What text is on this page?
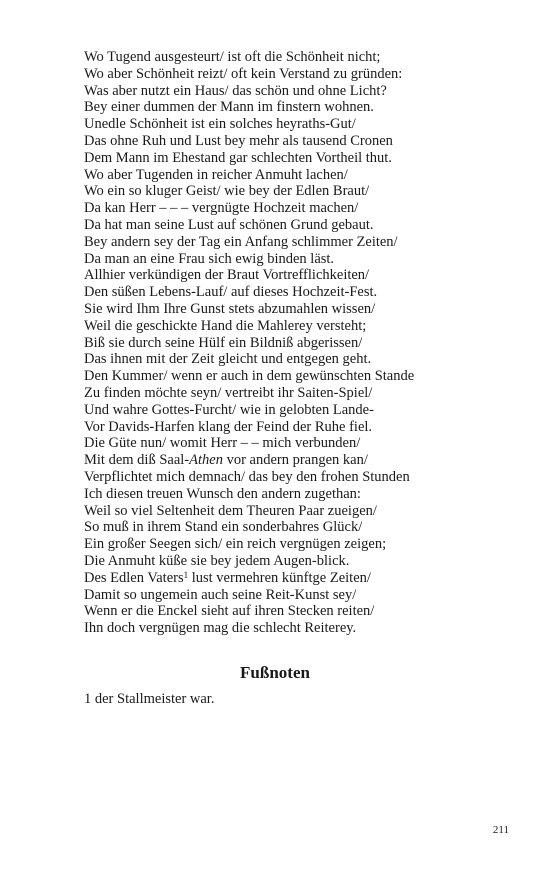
Wo Tugend ausgesteurt/ ist oft die Schönheit nicht;
Wo aber Schönheit reizt/ oft kein Verstand zu gründen:
Was aber nutzt ein Haus/ das schön und ohne Licht?
Bey einer dummen der Mann im finstern wohnen.
Unedle Schönheit ist ein solches heyraths-Gut/
Das ohne Ruh und Lust bey mehr als tausend Cronen
Dem Mann im Ehestand gar schlechten Vortheil thut.
Wo aber Tugenden in reicher Anmuht lachen/
Wo ein so kluger Geist/ wie bey der Edlen Braut/
Da kan Herr – – – vergnügte Hochzeit machen/
Da hat man seine Lust auf schönen Grund gebaut.
Bey andern sey der Tag ein Anfang schlimmer Zeiten/
Da man an eine Frau sich ewig binden läst.
Allhier verkündigen der Braut Vortrefflichkeiten/
Den süßen Lebens-Lauf/ auf dieses Hochzeit-Fest.
Sie wird Ihm Ihre Gunst stets abzumahlen wissen/
Weil die geschickte Hand die Mahlerey versteht;
Biß sie durch seine Hülf ein Bildniß abgerissen/
Das ihnen mit der Zeit gleicht und entgegen geht.
Den Kummer/ wenn er auch in dem gewünschten Stande
Zu finden möchte seyn/ vertreibt ihr Saiten-Spiel/
Und wahre Gottes-Furcht/ wie in gelobten Lande-
Vor Davids-Harfen klang der Feind der Ruhe fiel.
Die Güte nun/ womit Herr – – mich verbunden/
Mit dem diß Saal-Athen vor andern prangen kan/
Verpflichtet mich demnach/ das bey den frohen Stunden
Ich diesen treuen Wunsch den andern zugethan:
Weil so viel Seltenheit dem Theuren Paar zueigen/
So muß in ihrem Stand ein sonderbahres Glück/
Ein großer Seegen sich/ ein reich vergnügen zeigen;
Die Anmuht küße sie bey jedem Augen-blick.
Des Edlen Vaters$^1$ lust vermehren künftge Zeiten/
Damit so ungemein auch seine Reit-Kunst sey/
Wenn er die Enckel sieht auf ihren Stecken reiten/
Ihn doch vergnügen mag die schlecht Reiterey.
Fußnoten
1 der Stallmeister war.
211
